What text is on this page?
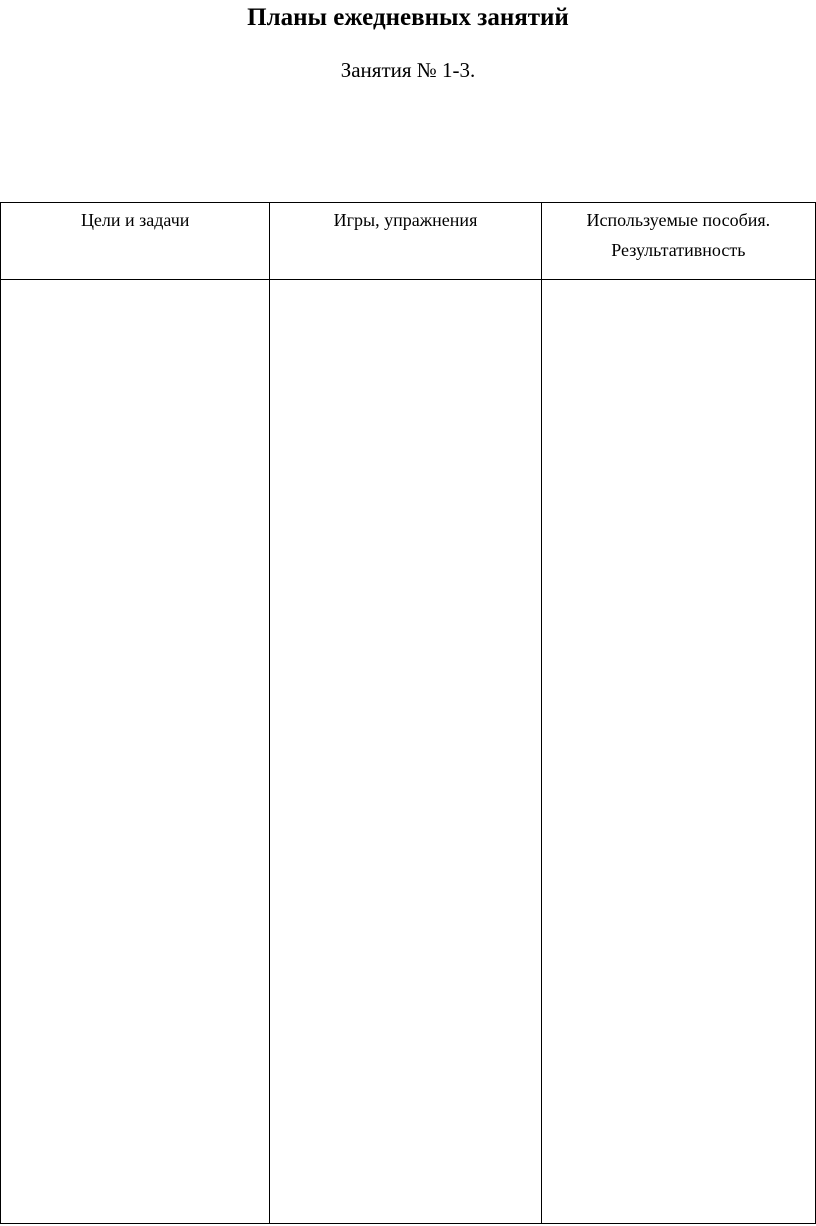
Планы ежедневных занятий
Занятия № 1-3.
Цели и задачи	Игры, упражнения	Используемые пособия. Результативность
